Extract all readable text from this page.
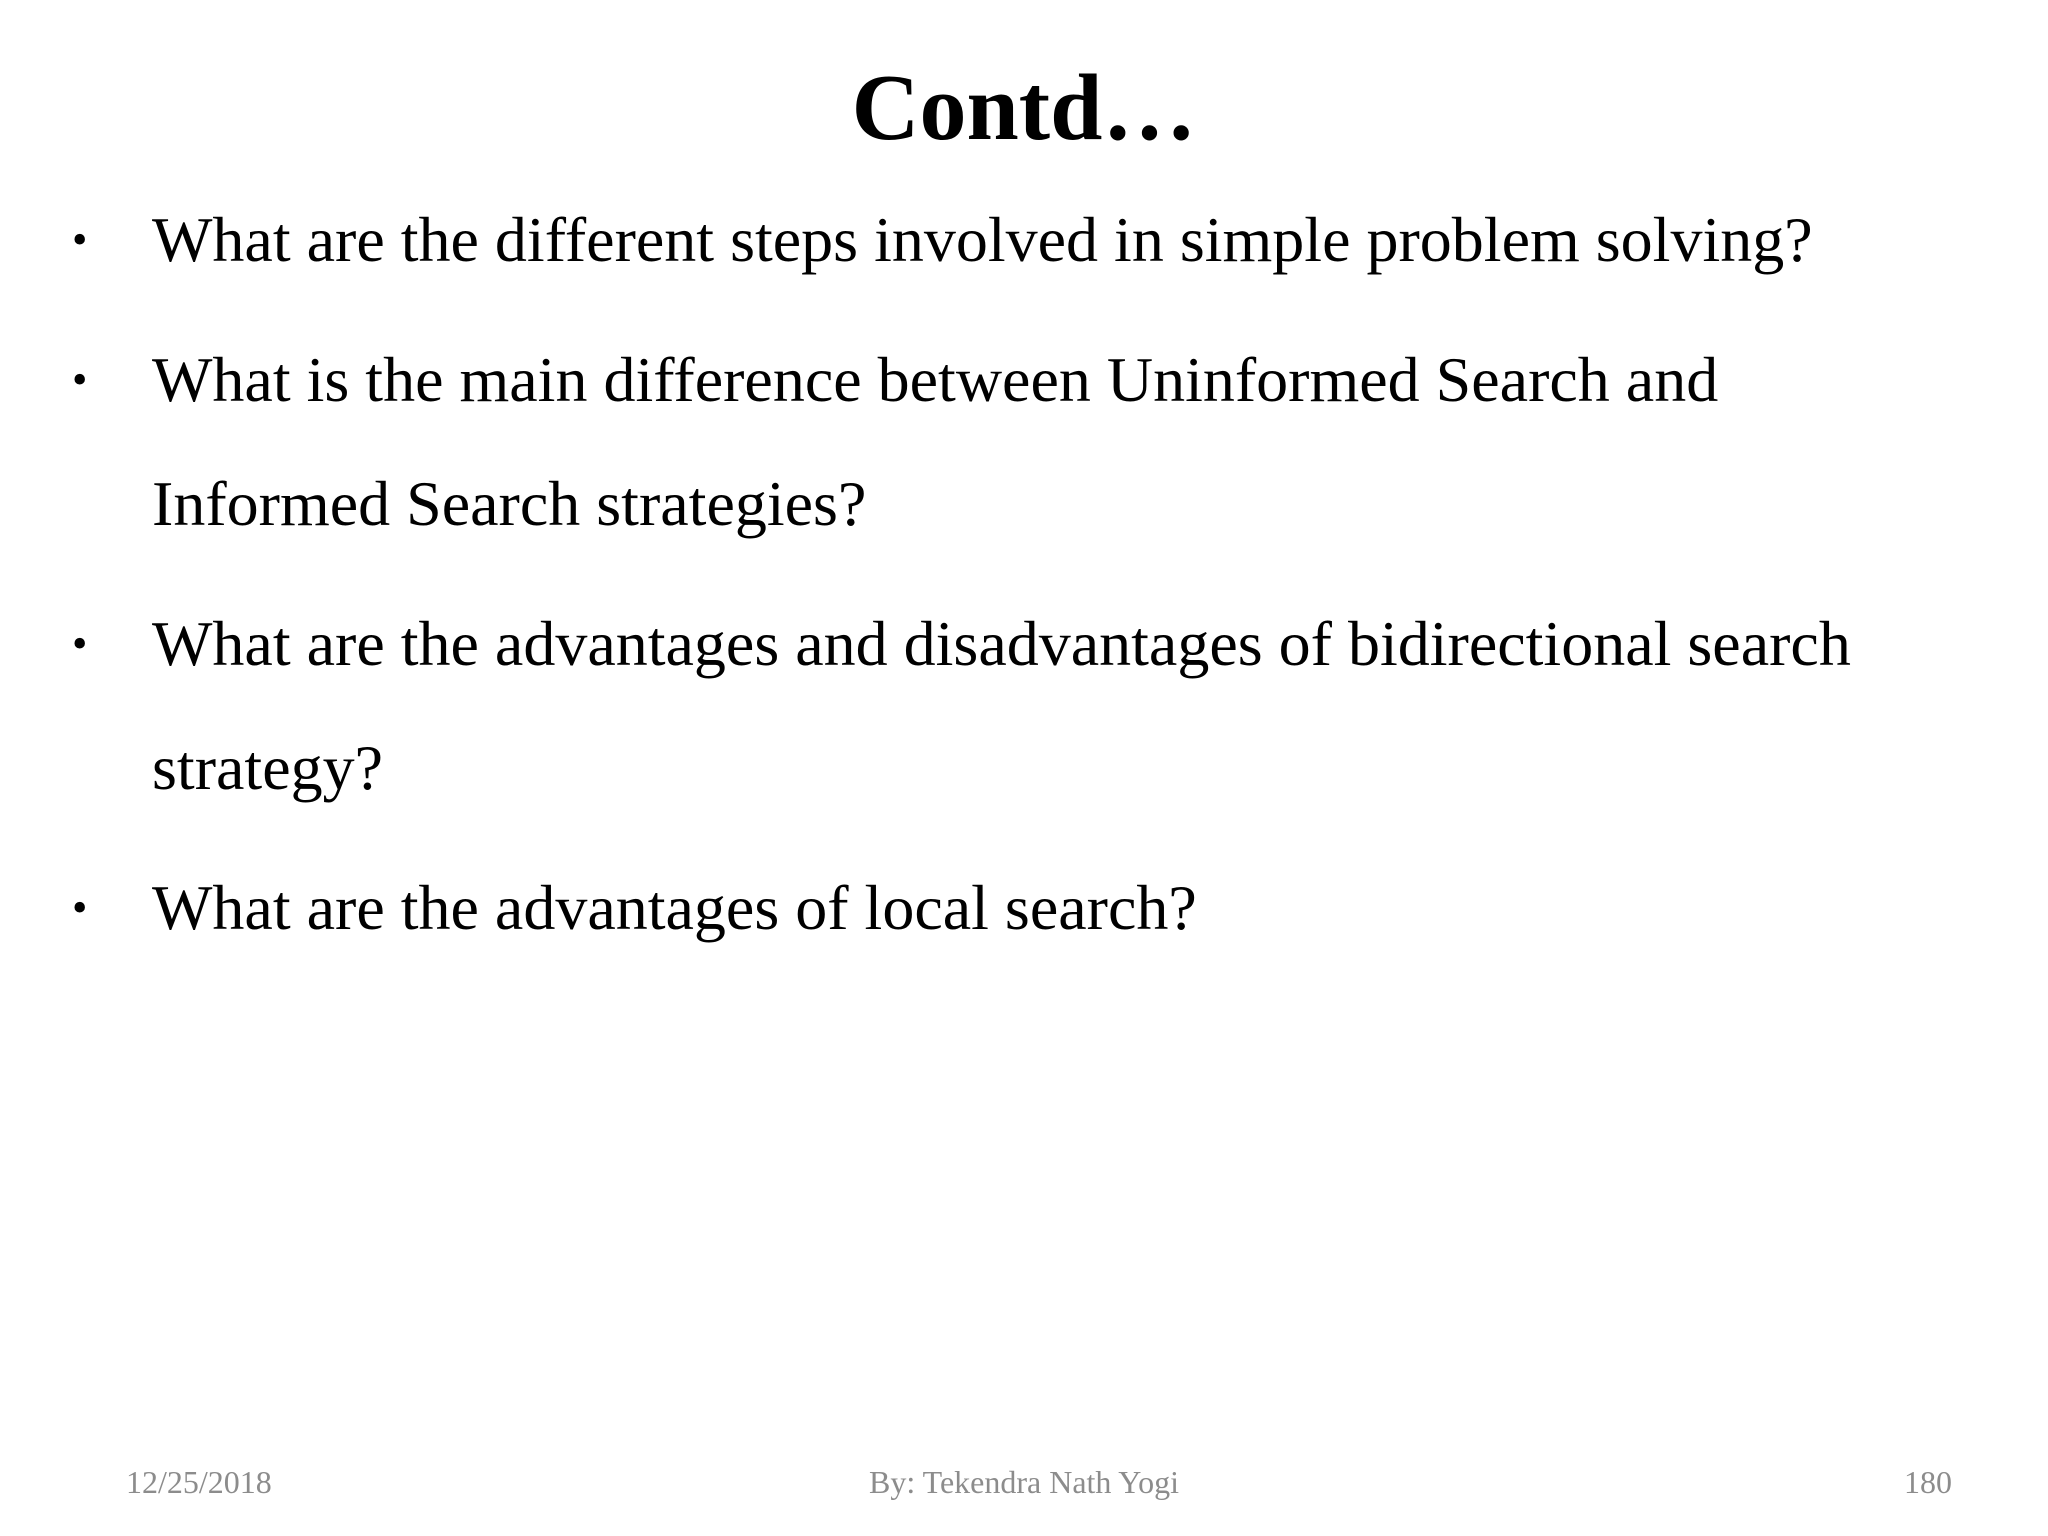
Contd…
• What are the different steps involved in simple problem solving?

• What is the main difference between Uninformed Search and Informed Search strategies?

• What are the advantages and disadvantages of bidirectional search strategy?

• What are the advantages of local search?

12/25/2018	By: Tekendra Nath Yogi	180
